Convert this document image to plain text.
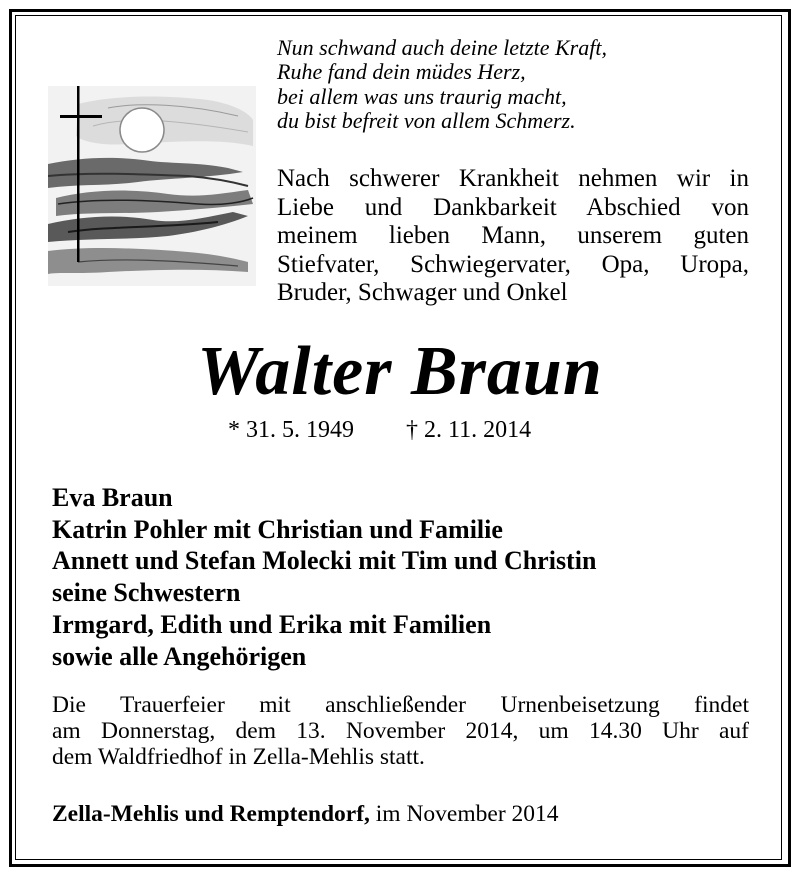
Nun schwand auch deine letzte Kraft,
Ruhe fand dein müdes Herz,
bei allem was uns traurig macht,
du bist befreit von allem Schmerz.
Nach schwerer Krankheit nehmen wir in
Liebe und Dankbarkeit Abschied von
meinem lieben Mann, unserem guten
Stiefvater, Schwiegervater, Opa, Uropa,
Bruder, Schwager und Onkel
Walter Braun
* 31. 5. 1949 † 2. 11. 2014
Eva Braun
Katrin Pohler mit Christian und Familie
Annett und Stefan Molecki mit Tim und Christin
seine Schwestern
Irmgard, Edith und Erika mit Familien
sowie alle Angehörigen
Die Trauerfeier mit anschließender Urnenbeisetzung findet
am Donnerstag, dem 13. November 2014, um 14.30 Uhr auf
dem Waldfriedhof in Zella-Mehlis statt.
Zella-Mehlis und Remptendorf, im November 2014
